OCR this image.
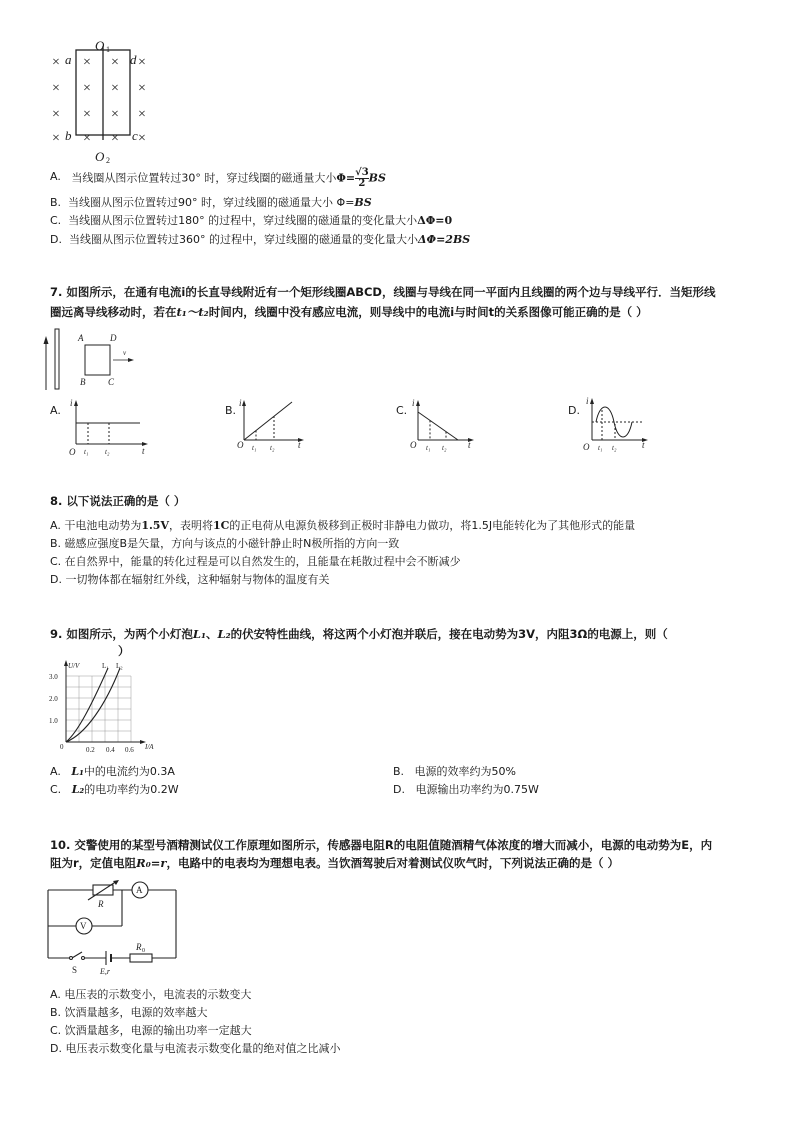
× × × ×
× × × ×
× × × ×
× × × ×
a
b	c
d
O
O
1
2
A. 当线圈从图示位置转过30° 时，穿过线圈的磁通量大小$\Phi= \frac{√3}{2}$ BS
B. 当线圈从图示位置转过90° 时，穿过线圈的磁通量大小 Φ=BS
C. 当线圈从图示位置转过180° 的过程中，穿过线圈的磁通量的变化量大小ΔΦ=0
D. 当线圈从图示位置转过360° 的过程中，穿过线圈的磁通量的变化量大小ΔΦ=2BS
7. 如图所示，在通有电流i的长直导线附近有一个矩形线圈ABCD，线圈与导线在同一平面内且线圈的两个边与导线平行．当矩形线
圈远离导线移动时，若在t₁～t₂时间内，线圈中没有感应电流，则导线中的电流i与时间t的关系图像可能正确的是（ ）
A	D
B	C
v
A.
i
t
O t₁ t₂
B.
i
t
O t₁ t₂
C.
i
t
O t₁ t₂
D.
i
t
O t₁ t₂
8. 以下说法正确的是（ ）
A. 干电池电动势为1.5V，表明将1C的正电荷从电源负极移到正极时非静电力做功，将1.5J电能转化为了其他形式的能量
B. 磁感应强度B是矢量，方向与该点的小磁针静止时N极所指的方向一致
C. 在自然界中，能量的转化过程是可以自然发生的，且能量在耗散过程中会不断减少
D. 一切物体都在辐射红外线，这种辐射与物体的温度有关
9. 如图所示，为两个小灯泡L₁、L₂的伏安特性曲线，将这两个小灯泡并联后，接在电动势为3V，内阻3Ω的电源上，则（
）
U/V
I/A
L₁ L₂
3.0
2.0
1.0
0	0.2 0.4 0.6
A. L₁中的电流约为0.3A	B. 电源的效率约为50%
C. L₂的电功率约为0.2W	D. 电源输出功率约为0.75W
10. 交警使用的某型号酒精测试仪工作原理如图所示，传感器电阻R的电阻值随酒精气体浓度的增大而减小，电源的电动势为E，内
阻为r，定值电阻R₀=r，电路中的电表均为理想电表。当饮酒驾驶后对着测试仪吹气时，下列说法正确的是（ ）
A
V
R
R 0
S	E,r
A. 电压表的示数变小，电流表的示数变大
B. 饮酒量越多，电源的效率越大
C. 饮酒量越多，电源的输出功率一定越大
D. 电压表示数变化量与电流表示数变化量的绝对值之比减小
